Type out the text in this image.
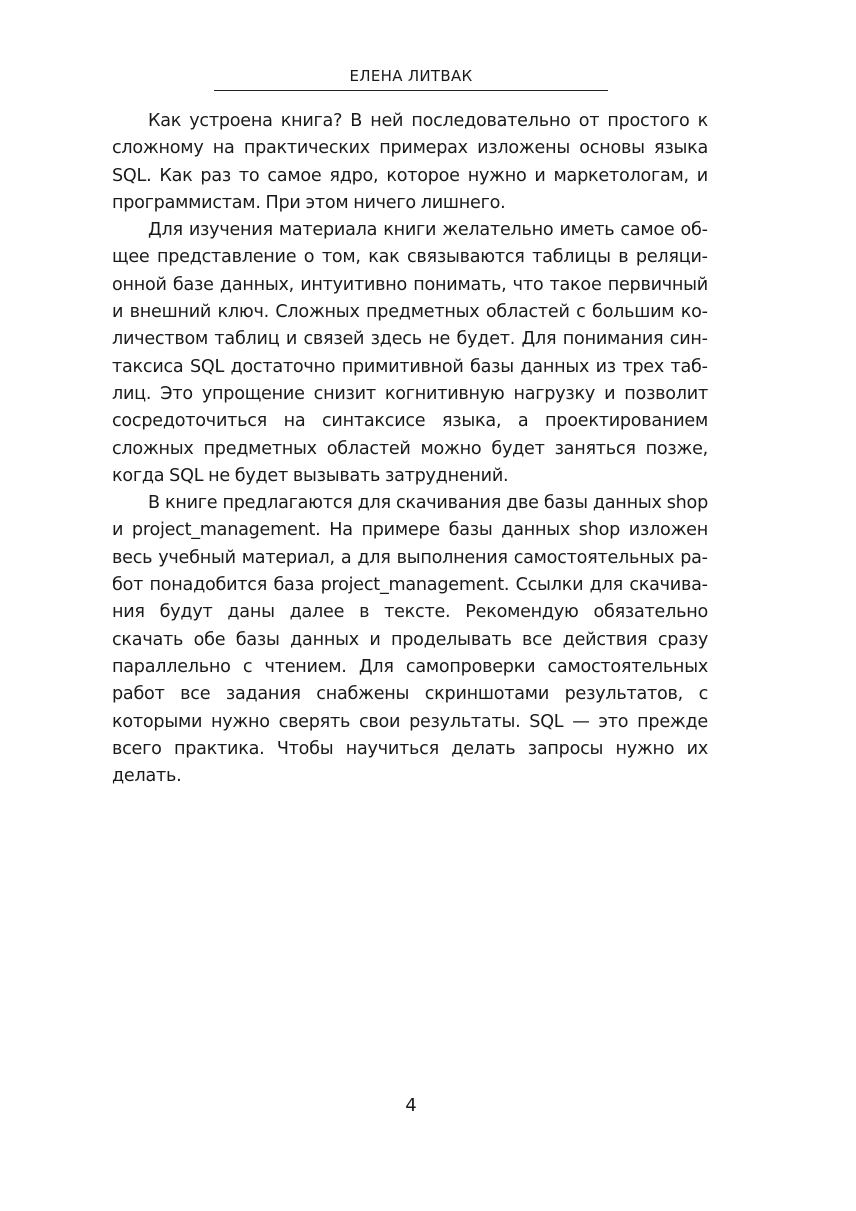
ЕЛЕНА ЛИТВАК

Как устроена книга? В ней последовательно от простого к сложному на практических примерах изложены основы языка SQL. Как раз то самое ядро, которое нужно и маркетологам, и программистам. При этом ничего лишнего.

Для изучения материала книги желательно иметь самое общее представление о том, как связываются таблицы в реляционной базе данных, интуитивно понимать, что такое первичный и внешний ключ. Сложных предметных областей с большим количеством таблиц и связей здесь не будет. Для понимания синтаксиса SQL достаточно примитивной базы данных из трех таблиц. Это упрощение снизит когнитивную нагрузку и позволит сосредоточиться на синтаксисе языка, а проектированием сложных предметных областей можно будет заняться позже, когда SQL не будет вызывать затруднений.

В книге предлагаются для скачивания две базы данных shop и project_management. На примере базы данных shop изложен весь учебный материал, а для выполнения самостоятельных работ понадобится база project_management. Ссылки для скачивания будут даны далее в тексте. Рекомендую обязательно скачать обе базы данных и проделывать все действия сразу параллельно с чтением. Для самопроверки самостоятельных работ все задания снабжены скриншотами результатов, с которыми нужно сверять свои результаты. SQL — это прежде всего практика. Чтобы научиться делать запросы нужно их делать.

4
